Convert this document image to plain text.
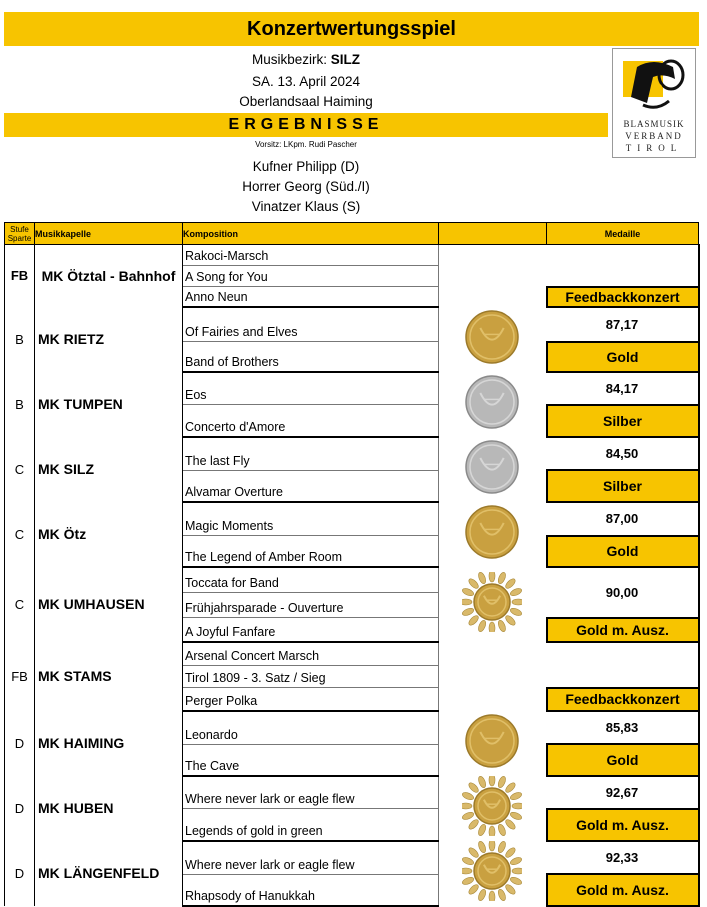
Konzertwertungsspiel
Musikbezirk: SILZ
SA. 13. April 2024
Oberlandsaal Haiming
ERGEBNISSE
Vorsitz: LKpm. Rudi Pascher
Kufner Philipp (D)
Horrer Georg (Süd./I)
Vinatzer Klaus (S)
BLASMUSIK
VERBAND
TIROL
Stufe
Sparte	Musikkapelle	Komposition		Medaille
FB	MK Ötztal - Bahnhof	Rakoci-Marsch		
		A Song for You		
		Anno Neun		Feedbackkonzert
B	MK RIETZ	Of Fairies and Elves		87,17
		Band of Brothers		Gold
B	MK TUMPEN	Eos		84,17
		Concerto d'Amore		Silber
C	MK SILZ	The last Fly		84,50
		Alvamar Overture		Silber
C	MK Ötz	Magic Moments		87,00
		The Legend of Amber Room		Gold
C	MK UMHAUSEN	Toccata for Band		90,00
		Frühjahrsparade - Ouverture		
		A Joyful Fanfare		Gold m. Ausz.
FB	MK STAMS	Arsenal Concert Marsch		
		Tirol 1809 - 3. Satz / Sieg		
		Perger Polka		Feedbackkonzert
D	MK HAIMING	Leonardo		85,83
		The Cave		Gold
D	MK HUBEN	Where never lark or eagle flew		92,67
		Legends of gold in green		Gold m. Ausz.
D	MK LÄNGENFELD	Where never lark or eagle flew		92,33
		Rhapsody of Hanukkah		Gold m. Ausz.
